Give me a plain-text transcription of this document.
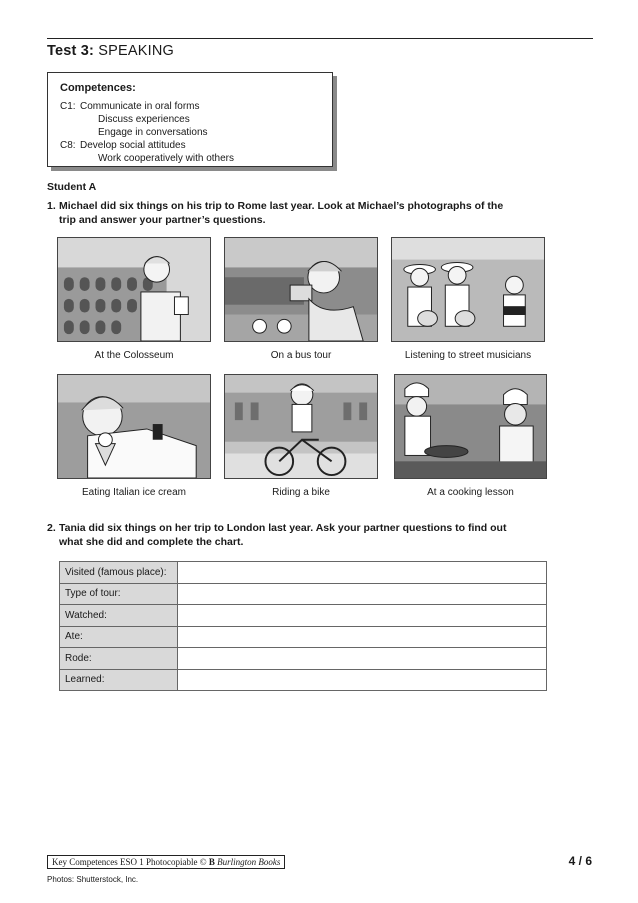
Test 3: SPEAKING
Competences:
C1: Communicate in oral forms
Discuss experiences
Engage in conversations
C8: Develop social attitudes
Work cooperatively with others
Student A
1. Michael did six things on his trip to Rome last year. Look at Michael’s photographs of the trip and answer your partner’s questions.
At the Colosseum	On a bus tour	Listening to street musicians
Eating Italian ice cream	Riding a bike	At a cooking lesson
2. Tania did six things on her trip to London last year. Ask your partner questions to find out what she did and complete the chart.
Visited (famous place):	
Type of tour:	
Watched:	
Ate:	
Rode:	
Learned:	
Key Competences ESO 1 Photocopiable © B Burlington Books	4 / 6
Photos: Shutterstock, Inc.
